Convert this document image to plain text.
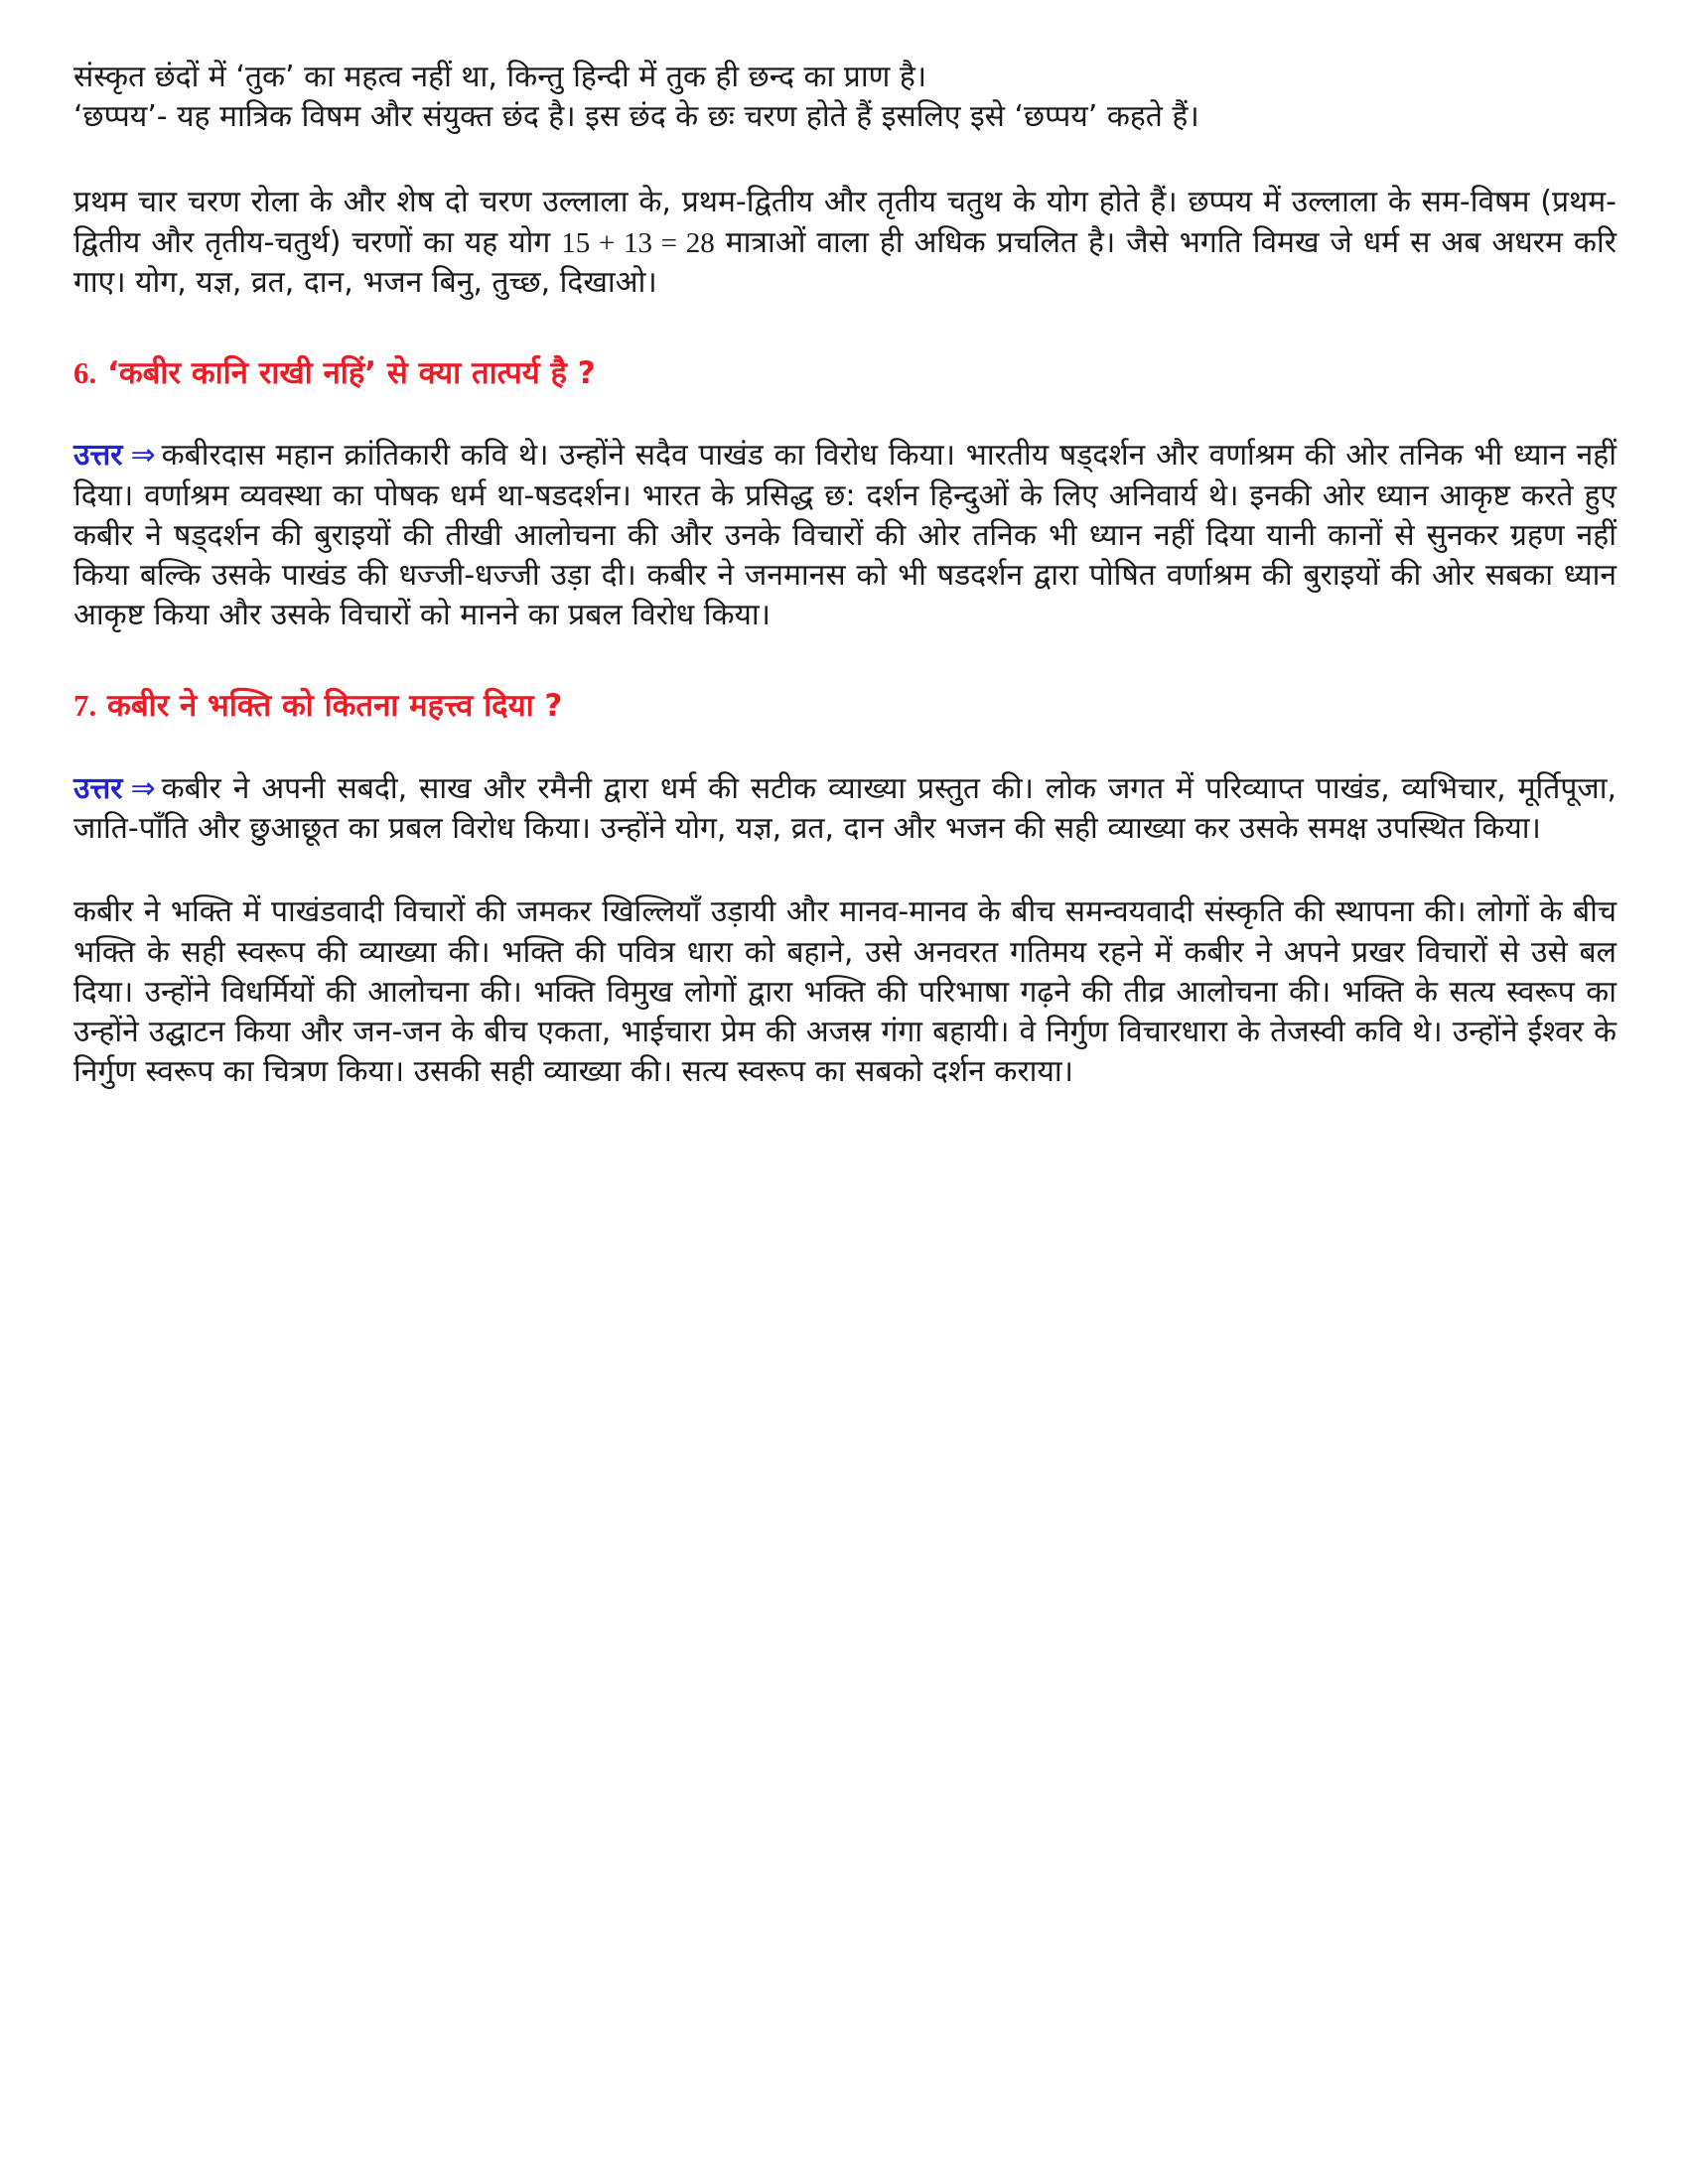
संस्कृत छंदों में ‘तुक’ का महत्व नहीं था, किन्तु हिन्दी में तुक ही छन्द का प्राण है।

‘छप्पय’- यह मात्रिक विषम और संयुक्त छंद है। इस छंद के छः चरण होते हैं इसलिए इसे ‘छप्पय’ कहते हैं।

प्रथम चार चरण रोला के और शेष दो चरण उल्लाला के, प्रथम-द्वितीय और तृतीय चतुथ के योग होते हैं। छप्पय में उल्लाला के सम-विषम (प्रथम-द्वितीय और तृतीय-चतुर्थ) चरणों का यह योग 15 + 13 = 28 मात्राओं वाला ही अधिक प्रचलित है। जैसे भगति विमख जे धर्म स अब अधरम करि गाए। योग, यज्ञ, व्रत, दान, भजन बिनु, तुच्छ, दिखाओ।

6. ‘कबीर कानि राखी नहिं’ से क्या तात्पर्य है ?

उत्तर ⇒ कबीरदास महान क्रांतिकारी कवि थे। उन्होंने सदैव पाखंड का विरोध किया। भारतीय षड्दर्शन और वर्णाश्रम की ओर तनिक भी ध्यान नहीं दिया। वर्णाश्रम व्यवस्था का पोषक धर्म था-षडदर्शन। भारत के प्रसिद्ध छ: दर्शन हिन्दुओं के लिए अनिवार्य थे। इनकी ओर ध्यान आकृष्ट करते हुए कबीर ने षड्दर्शन की बुराइयों की तीखी आलोचना की और उनके विचारों की ओर तनिक भी ध्यान नहीं दिया यानी कानों से सुनकर ग्रहण नहीं किया बल्कि उसके पाखंड की धज्जी-धज्जी उड़ा दी। कबीर ने जनमानस को भी षडदर्शन द्वारा पोषित वर्णाश्रम की बुराइयों की ओर सबका ध्यान आकृष्ट किया और उसके विचारों को मानने का प्रबल विरोध किया।

7. कबीर ने भक्ति को कितना महत्त्व दिया ?

उत्तर ⇒ कबीर ने अपनी सबदी, साख और रमैनी द्वारा धर्म की सटीक व्याख्या प्रस्तुत की। लोक जगत में परिव्याप्त पाखंड, व्यभिचार, मूर्तिपूजा, जाति-पाँति और छुआछूत का प्रबल विरोध किया। उन्होंने योग, यज्ञ, व्रत, दान और भजन की सही व्याख्या कर उसके समक्ष उपस्थित किया।

कबीर ने भक्ति में पाखंडवादी विचारों की जमकर खिल्लियाँ उड़ायी और मानव-मानव के बीच समन्वयवादी संस्कृति की स्थापना की। लोगों के बीच भक्ति के सही स्वरूप की व्याख्या की। भक्ति की पवित्र धारा को बहाने, उसे अनवरत गतिमय रहने में कबीर ने अपने प्रखर विचारों से उसे बल दिया। उन्होंने विधर्मियों की आलोचना की। भक्ति विमुख लोगों द्वारा भक्ति की परिभाषा गढ़ने की तीव्र आलोचना की। भक्ति के सत्य स्वरूप का उन्होंने उद्घाटन किया और जन-जन के बीच एकता, भाईचारा प्रेम की अजस्र गंगा बहायी। वे निर्गुण विचारधारा के तेजस्वी कवि थे। उन्होंने ईश्वर के निर्गुण स्वरूप का चित्रण किया। उसकी सही व्याख्या की। सत्य स्वरूप का सबको दर्शन कराया।
